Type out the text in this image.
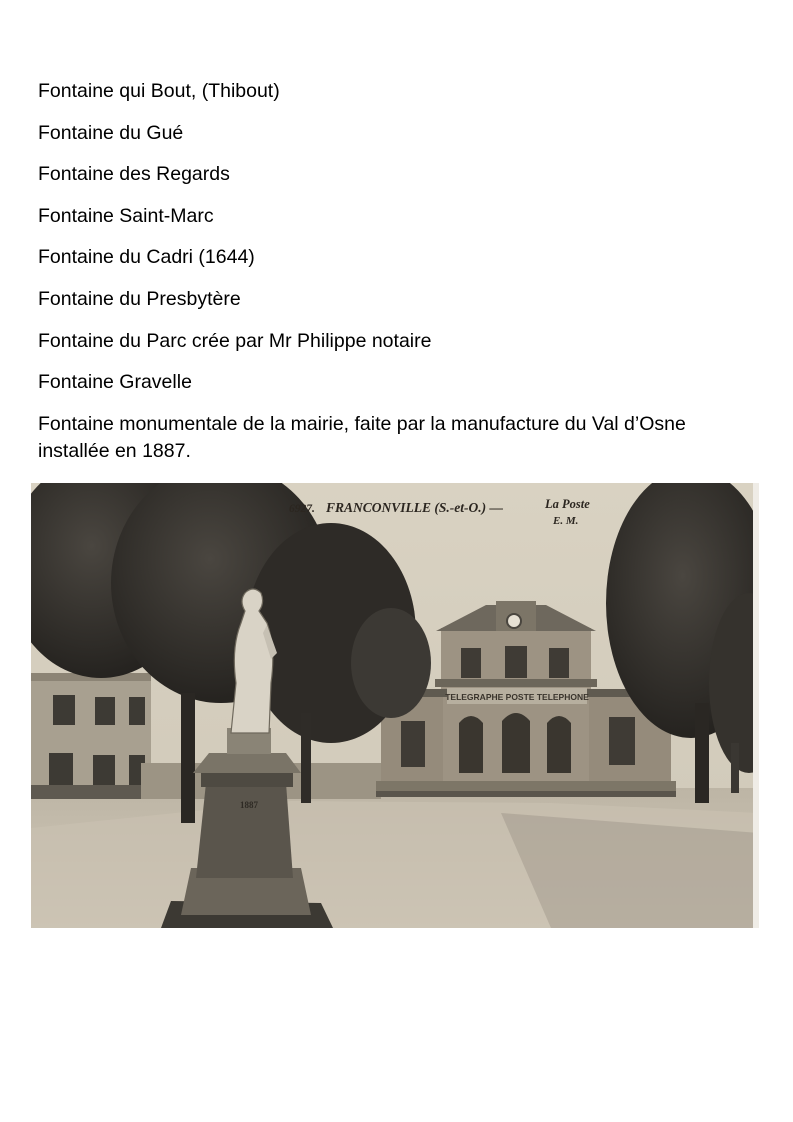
Fontaine qui Bout, (Thibout)
Fontaine du Gué
Fontaine des Regards
Fontaine Saint-Marc
Fontaine du Cadri (1644)
Fontaine du Presbytère
Fontaine du Parc crée par Mr Philippe notaire
Fontaine Gravelle
Fontaine monumentale de la mairie, faite par la manufacture du Val d’Osne installée en 1887.
TELEGRAPHE POSTE TELEPHONE
1887
6927. FRANCONVILLE (S.-et-O.) —	La Poste
E. M.
